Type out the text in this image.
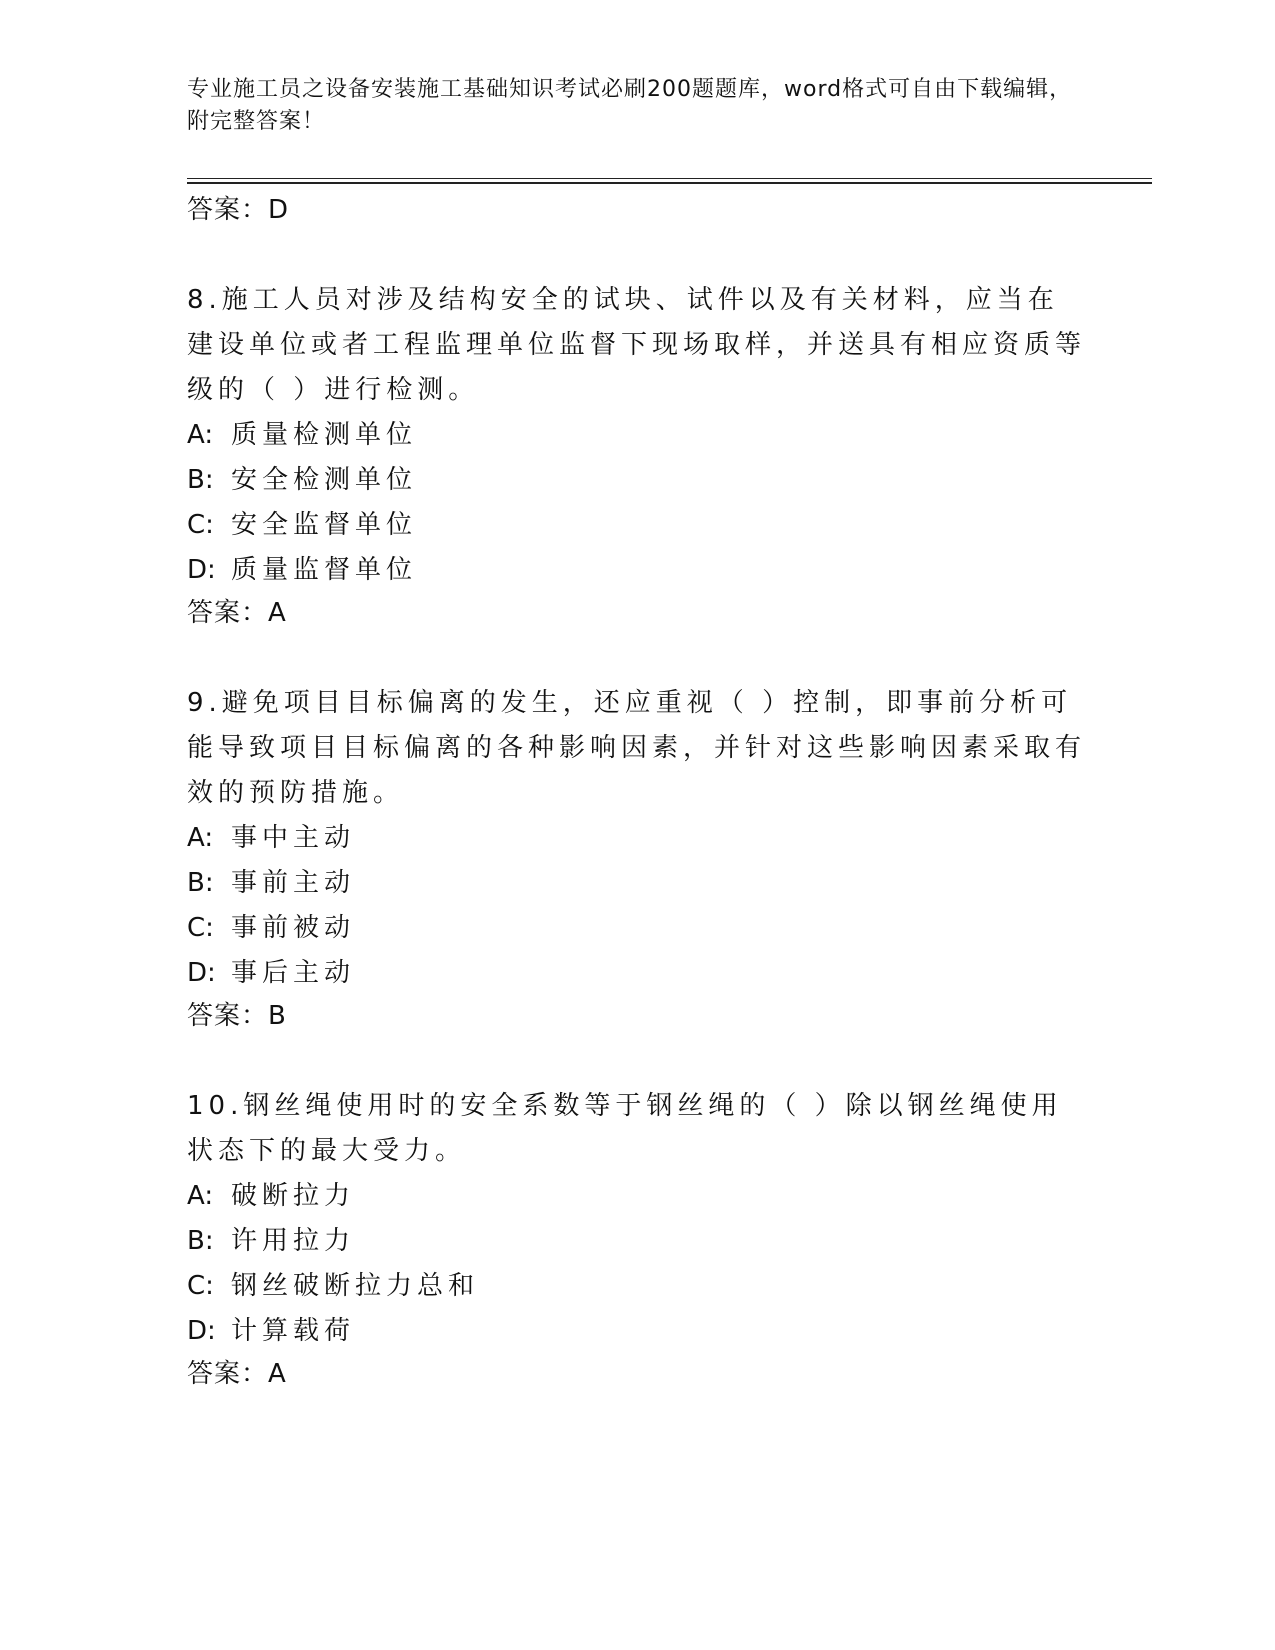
专业施工员之设备安装施工基础知识考试必刷200题题库，word格式可自由下载编辑，附完整答案！

答案：D

8.施工人员对涉及结构安全的试块、试件以及有关材料，应当在建设单位或者工程监理单位监督下现场取样，并送具有相应资质等级的（ ）进行检测。

A: 质量检测单位

B: 安全检测单位

C: 安全监督单位

D: 质量监督单位

答案：A

9.避免项目目标偏离的发生，还应重视（ ）控制，即事前分析可能导致项目目标偏离的各种影响因素，并针对这些影响因素采取有效的预防措施。

A: 事中主动

B: 事前主动

C: 事前被动

D: 事后主动

答案：B

10.钢丝绳使用时的安全系数等于钢丝绳的（ ）除以钢丝绳使用状态下的最大受力。

A: 破断拉力

B: 许用拉力

C: 钢丝破断拉力总和

D: 计算载荷

答案：A
